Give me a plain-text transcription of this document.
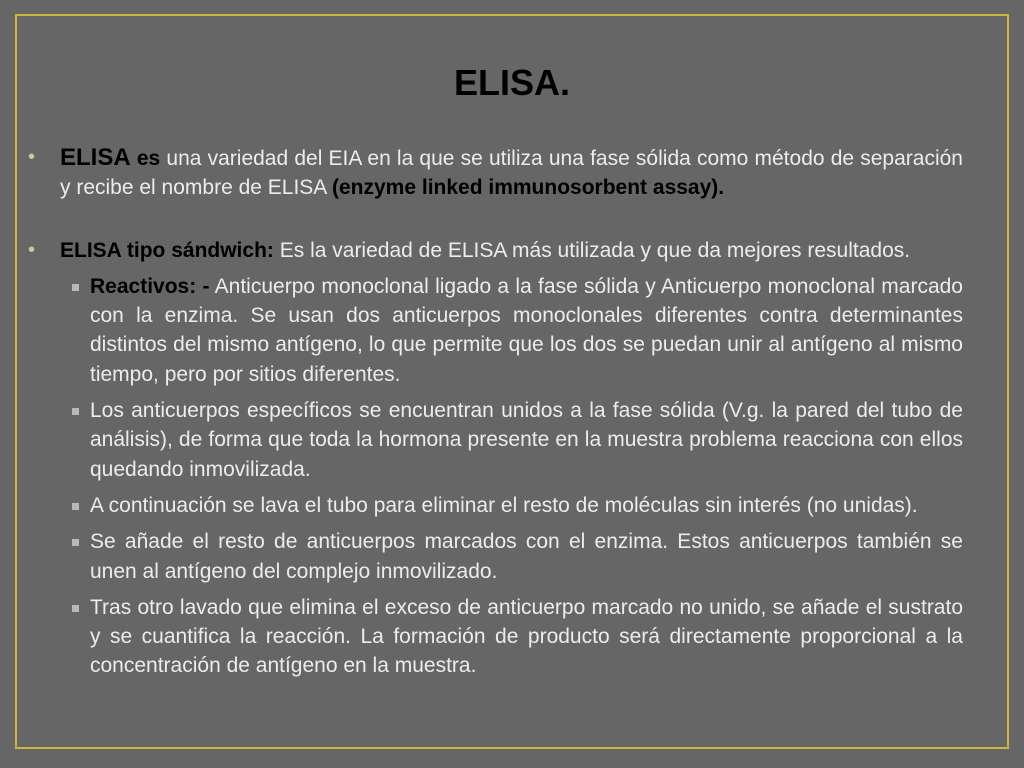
ELISA.

• ELISA es una variedad del EIA en la que se utiliza una fase sólida como método de separación y recibe el nombre de ELISA (enzyme linked immunosorbent assay).

• ELISA tipo sándwich: Es la variedad de ELISA más utilizada y que da mejores resultados.

Reactivos: - Anticuerpo monoclonal ligado a la fase sólida y Anticuerpo monoclonal marcado con la enzima. Se usan dos anticuerpos monoclonales diferentes contra determinantes distintos del mismo antígeno, lo que permite que los dos se puedan unir al antígeno al mismo tiempo, pero por sitios diferentes.

Los anticuerpos específicos se encuentran unidos a la fase sólida (V.g. la pared del tubo de análisis), de forma que toda la hormona presente en la muestra problema reacciona con ellos quedando inmovilizada.

A continuación se lava el tubo para eliminar el resto de moléculas sin interés (no unidas).

Se añade el resto de anticuerpos marcados con el enzima. Estos anticuerpos también se unen al antígeno del complejo inmovilizado.

Tras otro lavado que elimina el exceso de anticuerpo marcado no unido, se añade el sustrato y se cuantifica la reacción. La formación de producto será directamente proporcional a la concentración de antígeno en la muestra.
